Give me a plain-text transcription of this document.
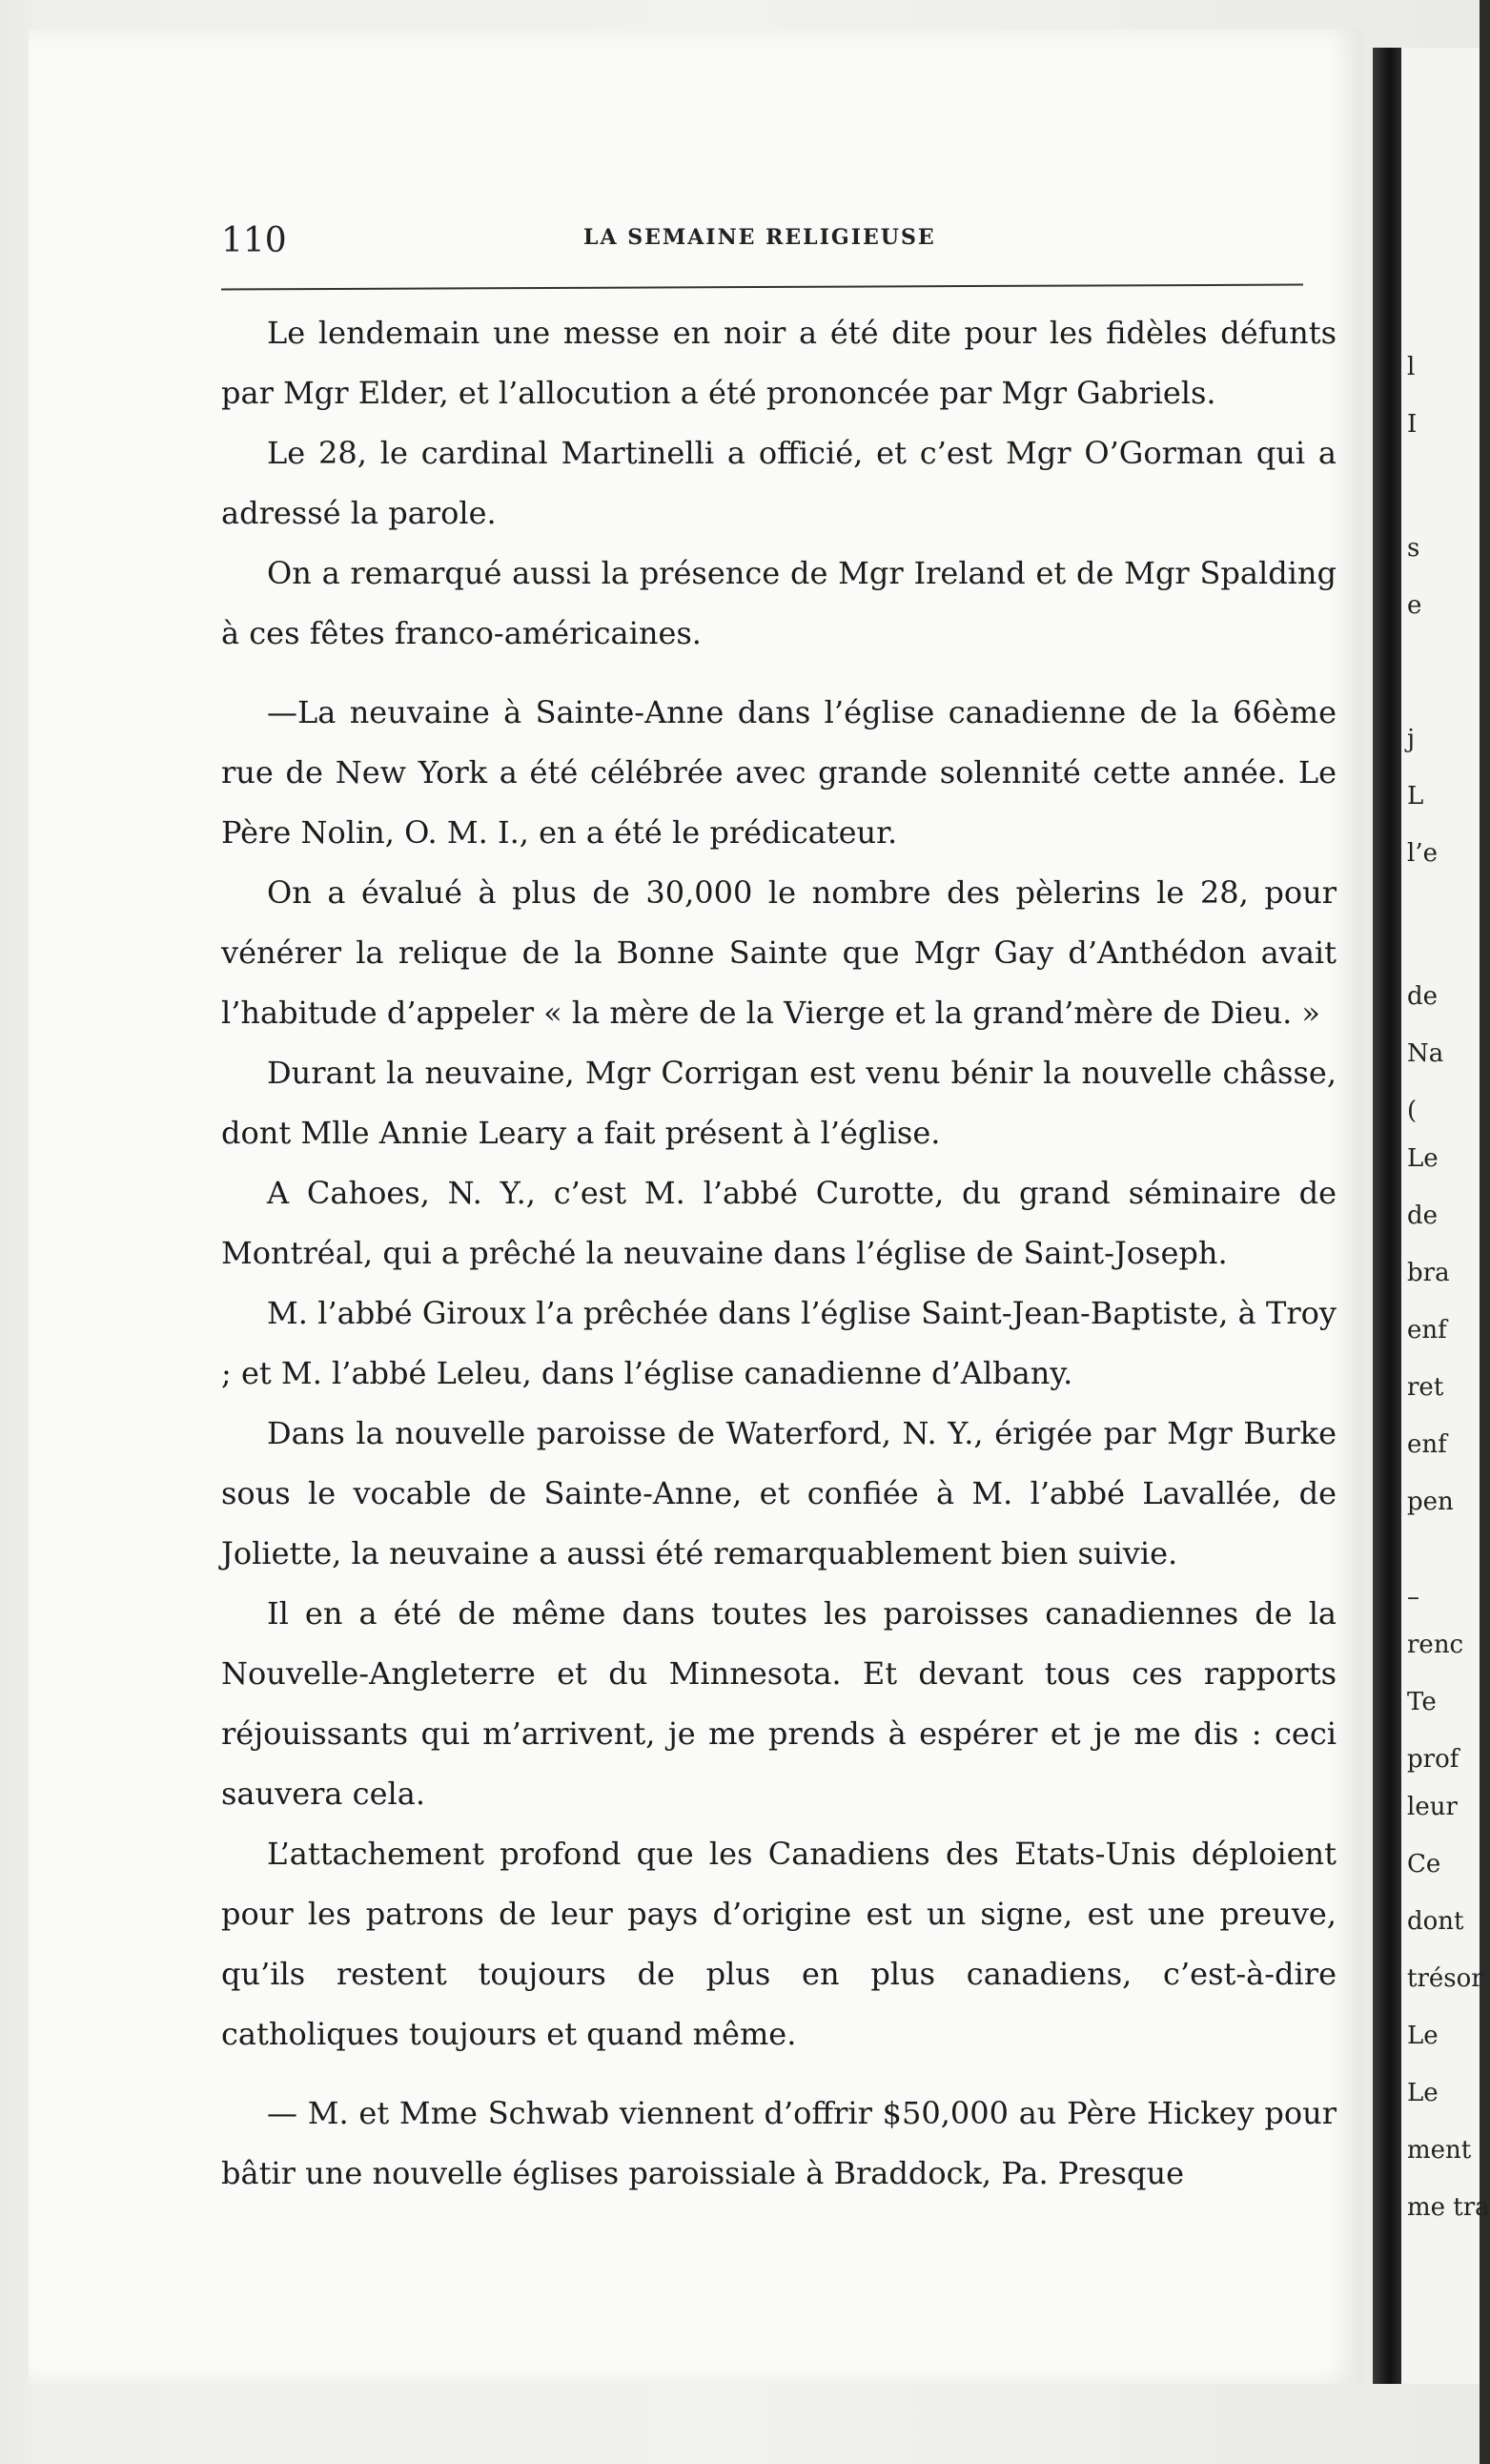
l
I
s
e
j
L
l’e
de
Na
(
Le
de
bra
enf
ret
enf
pen
–
renc
Te
prof
leur
Ce
dont
trésor
Le
Le
ment
me tra
110	LA SEMAINE RELIGIEUSE

Le lendemain une messe en noir a été dite pour les fidèles défunts par Mgr Elder, et l’allocution a été prononcée par Mgr Gabriels.

Le 28, le cardinal Martinelli a officié, et c’est Mgr O’Gorman qui a adressé la parole.

On a remarqué aussi la présence de Mgr Ireland et de Mgr Spalding à ces fêtes franco-américaines.

—La neuvaine à Sainte-Anne dans l’église canadienne de la 66ème rue de New York a été célébrée avec grande solennité cette année. Le Père Nolin, O. M. I., en a été le prédicateur.

On a évalué à plus de 30,000 le nombre des pèlerins le 28, pour vénérer la relique de la Bonne Sainte que Mgr Gay d’Anthédon avait l’habitude d’appeler « la mère de la Vierge et la grand’mère de Dieu. »

Durant la neuvaine, Mgr Corrigan est venu bénir la nouvelle châsse, dont Mlle Annie Leary a fait présent à l’église.

A Cahoes, N. Y., c’est M. l’abbé Curotte, du grand séminaire de Montréal, qui a prêché la neuvaine dans l’église de Saint-Joseph.

M. l’abbé Giroux l’a prêchée dans l’église Saint-Jean-Baptiste, à Troy ; et M. l’abbé Leleu, dans l’église canadienne d’Albany.

Dans la nouvelle paroisse de Waterford, N. Y., érigée par Mgr Burke sous le vocable de Sainte-Anne, et confiée à M. l’abbé Lavallée, de Joliette, la neuvaine a aussi été remarquablement bien suivie.

Il en a été de même dans toutes les paroisses canadiennes de la Nouvelle-Angleterre et du Minnesota. Et devant tous ces rapports réjouissants qui m’arrivent, je me prends à espérer et je me dis : ceci sauvera cela.

L’attachement profond que les Canadiens des Etats-Unis déploient pour les patrons de leur pays d’origine est un signe, est une preuve, qu’ils restent toujours de plus en plus canadiens, c’est-à-dire catholiques toujours et quand même.

— M. et Mme Schwab viennent d’offrir $50,000 au Père Hickey pour bâtir une nouvelle églises paroissiale à Braddock, Pa. Presque
